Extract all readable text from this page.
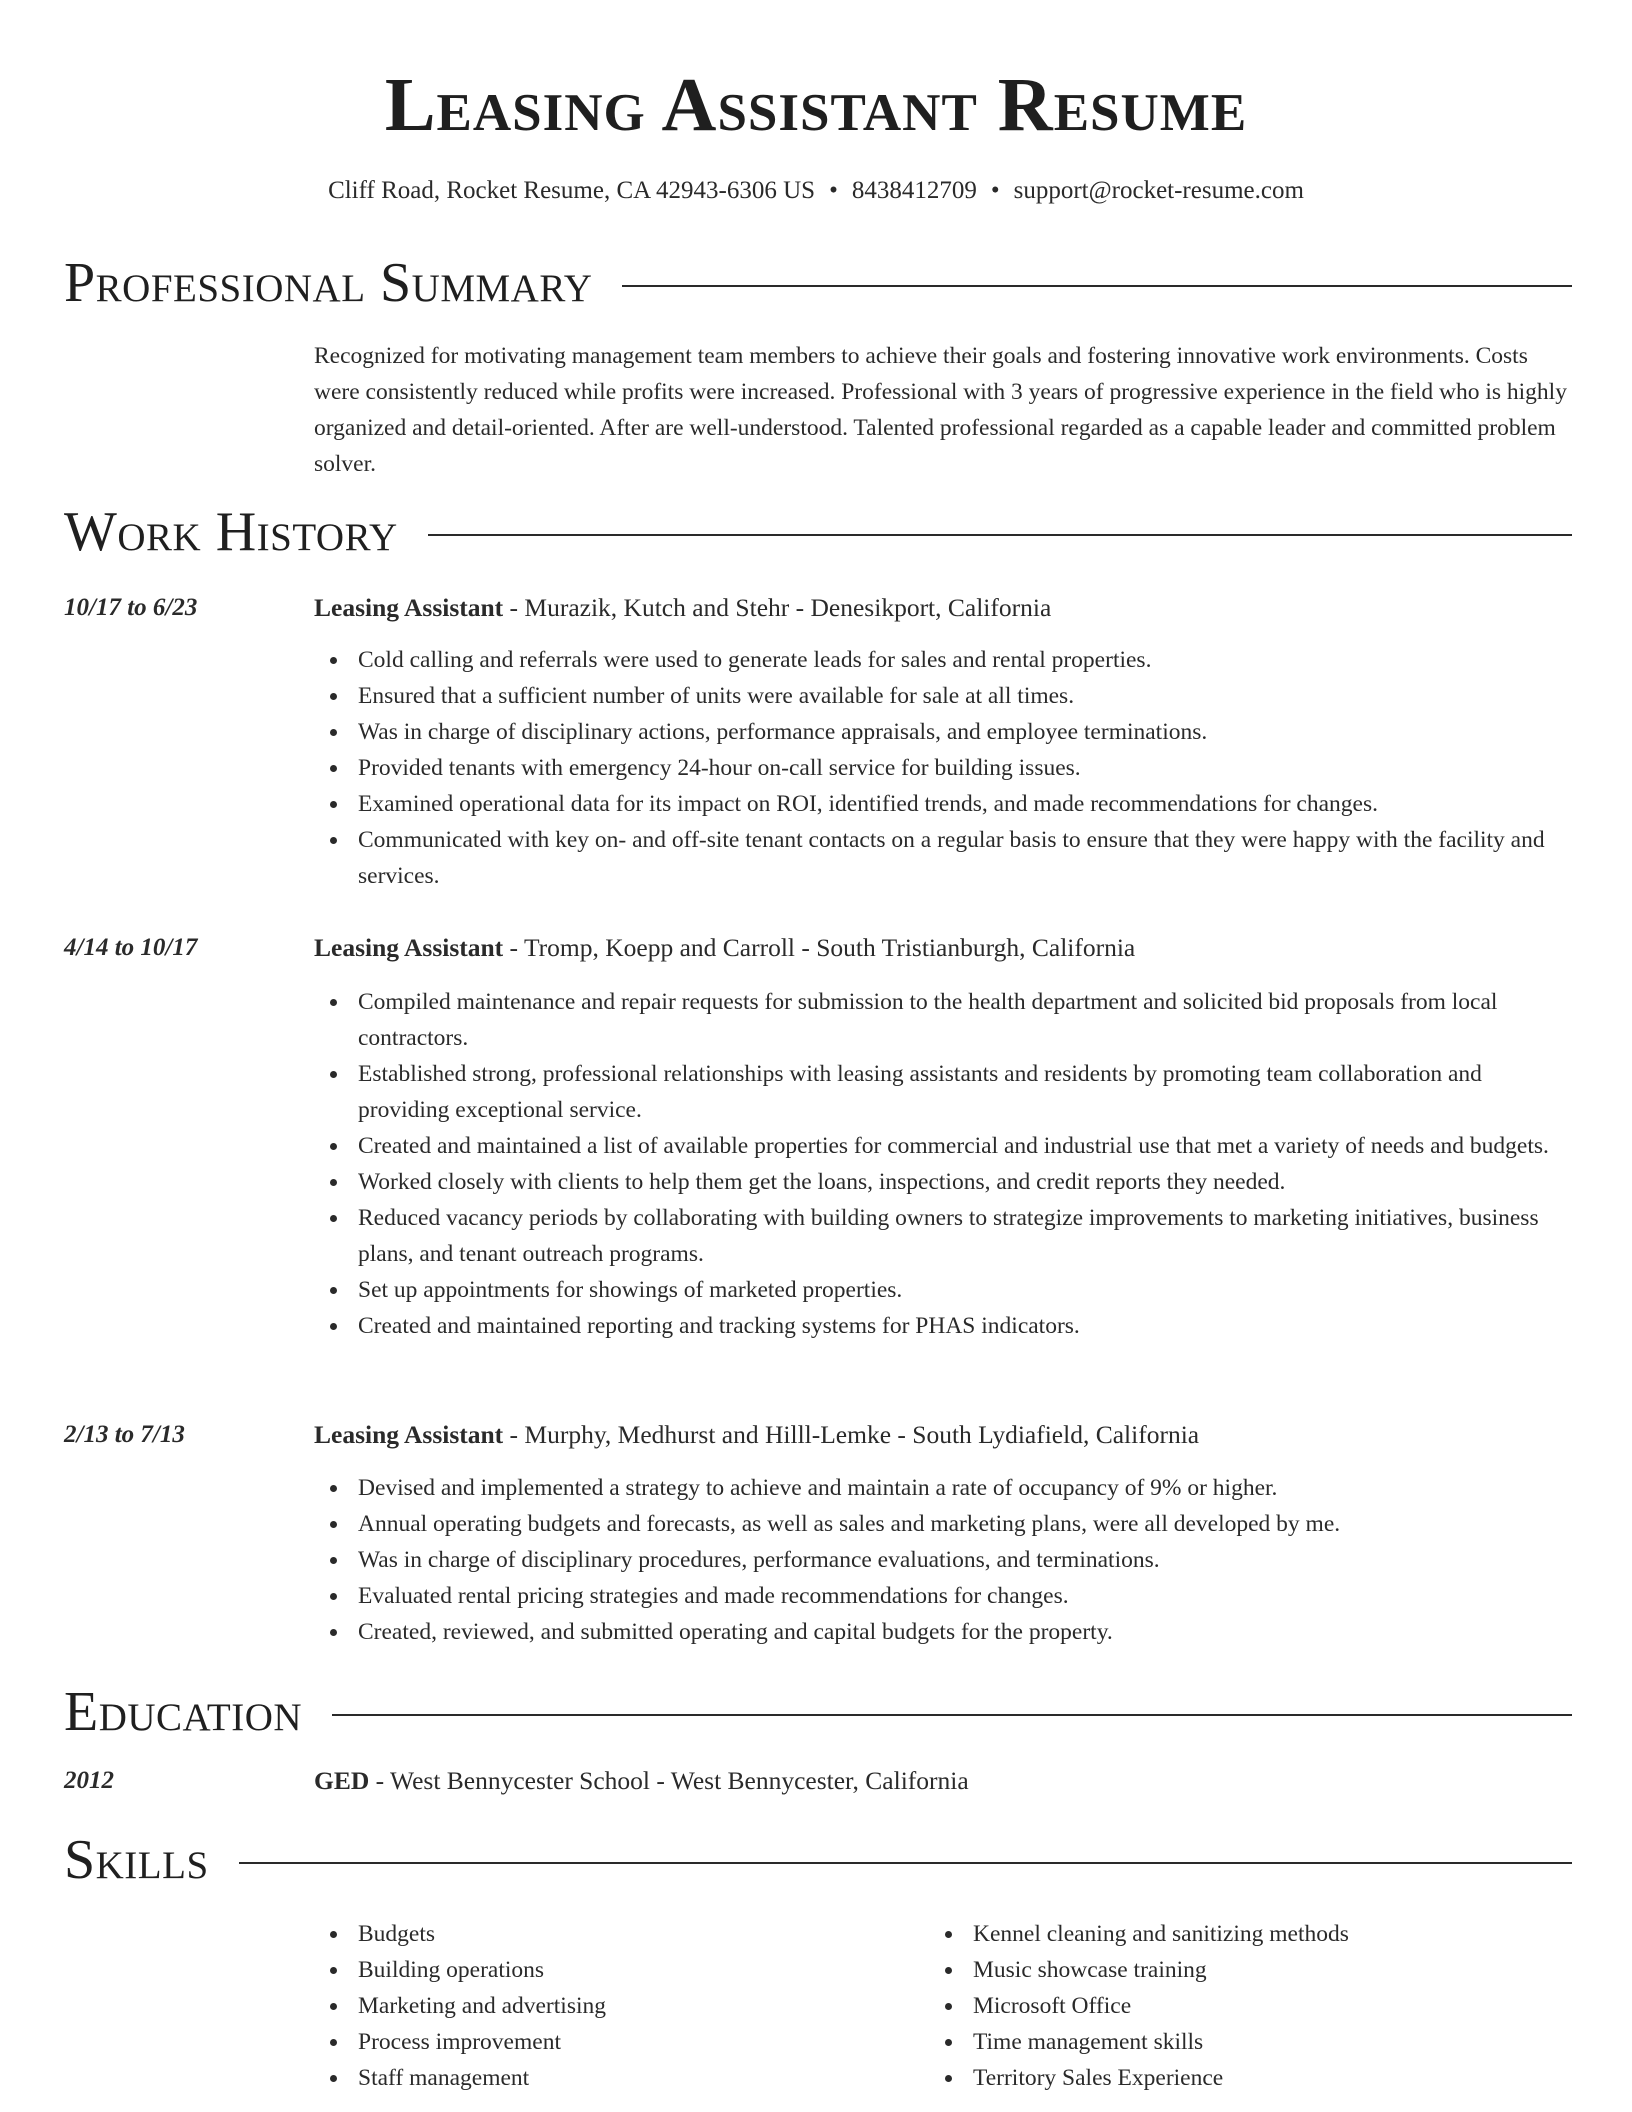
Leasing Assistant Resume
Cliff Road, Rocket Resume, CA 42943-6306 US • 8438412709 • support@rocket-resume.com
Professional Summary

Recognized for motivating management team members to achieve their goals and fostering innovative work environments. Costs were consistently reduced while profits were increased. Professional with 3 years of progressive experience in the field who is highly organized and detail-oriented. After are well-understood. Talented professional regarded as a capable leader and committed problem solver.

Work History
10/17 to 6/23	Leasing Assistant - Murazik, Kutch and Stehr - Denesikport, California
Cold calling and referrals were used to generate leads for sales and rental properties.
Ensured that a sufficient number of units were available for sale at all times.
Was in charge of disciplinary actions, performance appraisals, and employee terminations.
Provided tenants with emergency 24-hour on-call service for building issues.
Examined operational data for its impact on ROI, identified trends, and made recommendations for changes.
Communicated with key on- and off-site tenant contacts on a regular basis to ensure that they were happy with the facility and services.
4/14 to 10/17	Leasing Assistant - Tromp, Koepp and Carroll - South Tristianburgh, California
Compiled maintenance and repair requests for submission to the health department and solicited bid proposals from local contractors.
Established strong, professional relationships with leasing assistants and residents by promoting team collaboration and providing exceptional service.
Created and maintained a list of available properties for commercial and industrial use that met a variety of needs and budgets.
Worked closely with clients to help them get the loans, inspections, and credit reports they needed.
Reduced vacancy periods by collaborating with building owners to strategize improvements to marketing initiatives, business plans, and tenant outreach programs.
Set up appointments for showings of marketed properties.
Created and maintained reporting and tracking systems for PHAS indicators.
2/13 to 7/13	Leasing Assistant - Murphy, Medhurst and Hilll-Lemke - South Lydiafield, California
Devised and implemented a strategy to achieve and maintain a rate of occupancy of 9% or higher.
Annual operating budgets and forecasts, as well as sales and marketing plans, were all developed by me.
Was in charge of disciplinary procedures, performance evaluations, and terminations.
Evaluated rental pricing strategies and made recommendations for changes.
Created, reviewed, and submitted operating and capital budgets for the property.
Education
2012	GED - West Bennycester School - West Bennycester, California
Skills
Budgets
Building operations
Marketing and advertising
Process improvement
Staff management
Kennel cleaning and sanitizing methods
Music showcase training
Microsoft Office
Time management skills
Territory Sales Experience
